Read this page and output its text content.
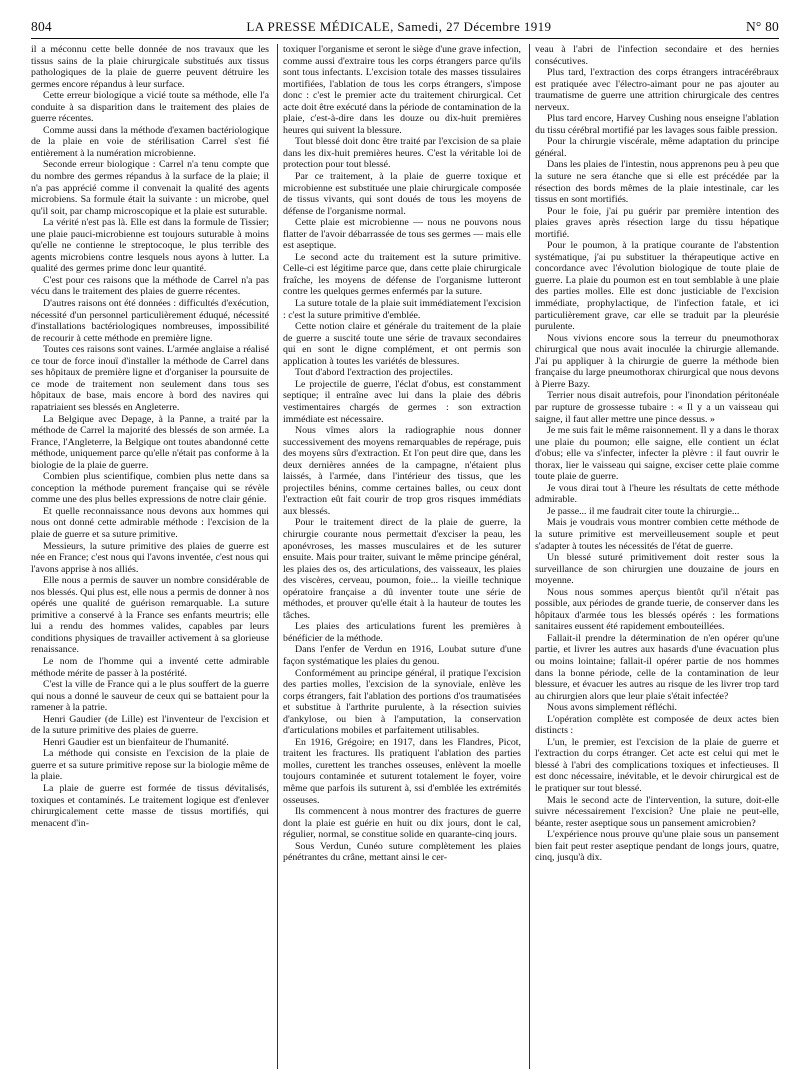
804	LA PRESSE MÉDICALE, Samedi, 27 Décembre 1919	N° 80

il a méconnu cette belle donnée de nos travaux que les tissus sains de la plaie chirurgicale substitués aux tissus pathologiques de la plaie de guerre peuvent détruire les germes encore répandus à leur surface.

Cette erreur biologique a vicié toute sa méthode, elle l'a conduite à sa disparition dans le traitement des plaies de guerre récentes.

Comme aussi dans la méthode d'examen bactériologique de la plaie en voie de stérilisation Carrel s'est fié entièrement à la numération microbienne.

Seconde erreur biologique : Carrel n'a tenu compte que du nombre des germes répandus à la surface de la plaie; il n'a pas apprécié comme il convenait la qualité des agents microbiens. Sa formule était la suivante : un microbe, quel qu'il soit, par champ microscopique et la plaie est suturable.

La vérité n'est pas là. Elle est dans la formule de Tissier; une plaie pauci-microbienne est toujours suturable à moins qu'elle ne contienne le streptocoque, le plus terrible des agents microbiens contre lesquels nous ayons à lutter. La qualité des germes prime donc leur quantité.

C'est pour ces raisons que la méthode de Carrel n'a pas vécu dans le traitement des plaies de guerre récentes.

D'autres raisons ont été données : difficultés d'exécution, nécessité d'un personnel particulièrement éduqué, nécessité d'installations bactériologiques nombreuses, impossibilité de recourir à cette méthode en première ligne.

Toutes ces raisons sont vaines. L'armée anglaise a réalisé ce tour de force inouï d'installer la méthode de Carrel dans ses hôpitaux de première ligne et d'organiser la poursuite de ce mode de traitement non seulement dans tous ses hôpitaux de base, mais encore à bord des navires qui rapatriaient ses blessés en Angleterre.

La Belgique avec Depage, à la Panne, a traité par la méthode de Carrel la majorité des blessés de son armée. La France, l'Angleterre, la Belgique ont toutes abandonné cette méthode, uniquement parce qu'elle n'était pas conforme à la biologie de la plaie de guerre.

Combien plus scientifique, combien plus nette dans sa conception la méthode purement française qui se révèle comme une des plus belles expressions de notre clair génie.

Et quelle reconnaissance nous devons aux hommes qui nous ont donné cette admirable méthode : l'excision de la plaie de guerre et sa suture primitive.

Messieurs, la suture primitive des plaies de guerre est née en France; c'est nous qui l'avons inventée, c'est nous qui l'avons apprise à nos alliés.

Elle nous a permis de sauver un nombre considérable de nos blessés. Qui plus est, elle nous a permis de donner à nos opérés une qualité de guérison remarquable. La suture primitive a conservé à la France ses enfants meurtris; elle lui a rendu des hommes valides, capables par leurs conditions physiques de travailler activement à sa glorieuse renaissance.

Le nom de l'homme qui a inventé cette admirable méthode mérite de passer à la postérité.

C'est la ville de France qui a le plus souffert de la guerre qui nous a donné le sauveur de ceux qui se battaient pour la ramener à la patrie.

Henri Gaudier (de Lille) est l'inventeur de l'excision et de la suture primitive des plaies de guerre.

Henri Gaudier est un bienfaiteur de l'humanité.

La méthode qui consiste en l'excision de la plaie de guerre et sa suture primitive repose sur la biologie même de la plaie.

La plaie de guerre est formée de tissus dévitalisés, toxiques et contaminés. Le traitement logique est d'enlever chirurgicalement cette masse de tissus mortifiés, qui menacent d'in-

toxiquer l'organisme et seront le siège d'une grave infection, comme aussi d'extraire tous les corps étrangers parce qu'ils sont tous infectants. L'excision totale des masses tissulaires mortifiées, l'ablation de tous les corps étrangers, s'impose donc : c'est le premier acte du traitement chirurgical. Cet acte doit être exécuté dans la période de contamination de la plaie, c'est-à-dire dans les douze ou dix-huit premières heures qui suivent la blessure.

Tout blessé doit donc être traité par l'excision de sa plaie dans les dix-huit premières heures. C'est la véritable loi de protection pour tout blessé.

Par ce traitement, à la plaie de guerre toxique et microbienne est substituée une plaie chirurgicale composée de tissus vivants, qui sont doués de tous les moyens de défense de l'organisme normal.

Cette plaie est microbienne — nous ne pouvons nous flatter de l'avoir débarrassée de tous ses germes — mais elle est aseptique.

Le second acte du traitement est la suture primitive. Celle-ci est légitime parce que, dans cette plaie chirurgicale fraîche, les moyens de défense de l'organisme lutteront contre les quelques germes enfermés par la suture.

La suture totale de la plaie suit immédiatement l'excision : c'est la suture primitive d'emblée.

Cette notion claire et générale du traitement de la plaie de guerre a suscité toute une série de travaux secondaires qui en sont le digne complément, et ont permis son application à toutes les variétés de blessures.

Tout d'abord l'extraction des projectiles.

Le projectile de guerre, l'éclat d'obus, est constamment septique; il entraîne avec lui dans la plaie des débris vestimentaires chargés de germes : son extraction immédiate est nécessaire.

Nous vîmes alors la radiographie nous donner successivement des moyens remarquables de repérage, puis des moyens sûrs d'extraction. Et l'on peut dire que, dans les deux dernières années de la campagne, n'étaient plus laissés, à l'armée, dans l'intérieur des tissus, que les projectiles bénins, comme certaines balles, ou ceux dont l'extraction eût fait courir de trop gros risques immédiats aux blessés.

Pour le traitement direct de la plaie de guerre, la chirurgie courante nous permettait d'exciser la peau, les aponévroses, les masses musculaires et de les suturer ensuite. Mais pour traiter, suivant le même principe général, les plaies des os, des articulations, des vaisseaux, les plaies des viscères, cerveau, poumon, foie... la vieille technique opératoire française a dû inventer toute une série de méthodes, et prouver qu'elle était à la hauteur de toutes les tâches.

Les plaies des articulations furent les premières à bénéficier de la méthode.

Dans l'enfer de Verdun en 1916, Loubat suture d'une façon systématique les plaies du genou.

Conformément au principe général, il pratique l'excision des parties molles, l'excision de la synoviale, enlève les corps étrangers, fait l'ablation des portions d'os traumatisées et substitue à l'arthrite purulente, à la résection suivies d'ankylose, ou bien à l'amputation, la conservation d'articulations mobiles et parfaitement utilisables.

En 1916, Grégoire; en 1917, dans les Flandres, Picot, traitent les fractures. Ils pratiquent l'ablation des parties molles, curettent les tranches osseuses, enlèvent la moelle toujours contaminée et suturent totalement le foyer, voire même que parfois ils suturent à, ssi d'emblée les extrémités osseuses.

Ils commencent à nous montrer des fractures de guerre dont la plaie est guérie en huit ou dix jours, dont le cal, régulier, normal, se constitue solide en quarante-cinq jours.

Sous Verdun, Cunéo suture complètement les plaies pénétrantes du crâne, mettant ainsi le cer-

veau à l'abri de l'infection secondaire et des hernies consécutives.

Plus tard, l'extraction des corps étrangers intracérébraux est pratiquée avec l'électro-aimant pour ne pas ajouter au traumatisme de guerre une attrition chirurgicale des centres nerveux.

Plus tard encore, Harvey Cushing nous enseigne l'ablation du tissu cérébral mortifié par les lavages sous faible pression.

Pour la chirurgie viscérale, même adaptation du principe général.

Dans les plaies de l'intestin, nous apprenons peu à peu que la suture ne sera étanche que si elle est précédée par la résection des bords mêmes de la plaie intestinale, car les tissus en sont mortifiés.

Pour le foie, j'ai pu guérir par première intention des plaies graves après résection large du tissu hépatique mortifié.

Pour le poumon, à la pratique courante de l'abstention systématique, j'ai pu substituer la thérapeutique active en concordance avec l'évolution biologique de toute plaie de guerre. La plaie du poumon est en tout semblable à une plaie des parties molles. Elle est donc justiciable de l'excision immédiate, prophylactique, de l'infection fatale, et ici particulièrement grave, car elle se traduit par la pleurésie purulente.

Nous vivions encore sous la terreur du pneumothorax chirurgical que nous avait inoculée la chirurgie allemande. J'ai pu appliquer à la chirurgie de guerre la méthode bien française du large pneumothorax chirurgical que nous devons à Pierre Bazy.

Terrier nous disait autrefois, pour l'inondation péritonéale par rupture de grossesse tubaire : « Il y a un vaisseau qui saigne, il faut aller mettre une pince dessus. »

Je me suis fait le même raisonnement. Il y a dans le thorax une plaie du poumon; elle saigne, elle contient un éclat d'obus; elle va s'infecter, infecter la plèvre : il faut ouvrir le thorax, lier le vaisseau qui saigne, exciser cette plaie comme toute plaie de guerre.

Je vous dirai tout à l'heure les résultats de cette méthode admirable.

Je passe... il me faudrait citer toute la chirurgie...

Mais je voudrais vous montrer combien cette méthode de la suture primitive est merveilleusement souple et peut s'adapter à toutes les nécessités de l'état de guerre.

Un blessé suturé primitivement doit rester sous la surveillance de son chirurgien une douzaine de jours en moyenne.

Nous nous sommes aperçus bientôt qu'il n'était pas possible, aux périodes de grande tuerie, de conserver dans les hôpitaux d'armée tous les blessés opérés : les formations sanitaires eussent été rapidement embouteillées.

Fallait-il prendre la détermination de n'en opérer qu'une partie, et livrer les autres aux hasards d'une évacuation plus ou moins lointaine; fallait-il opérer partie de nos hommes dans la bonne période, celle de la contamination de leur blessure, et évacuer les autres au risque de les livrer trop tard au chirurgien alors que leur plaie s'était infectée?

Nous avons simplement réfléchi.

L'opération complète est composée de deux actes bien distincts :

L'un, le premier, est l'excision de la plaie de guerre et l'extraction du corps étranger. Cet acte est celui qui met le blessé à l'abri des complications toxiques et infectieuses. Il est donc nécessaire, inévitable, et le devoir chirurgical est de le pratiquer sur tout blessé.

Mais le second acte de l'intervention, la suture, doit-elle suivre nécessairement l'excision? Une plaie ne peut-elle, béante, rester aseptique sous un pansement amicrobien?

L'expérience nous prouve qu'une plaie sous un pansement bien fait peut rester aseptique pendant de longs jours, quatre, cinq, jusqu'à dix.
